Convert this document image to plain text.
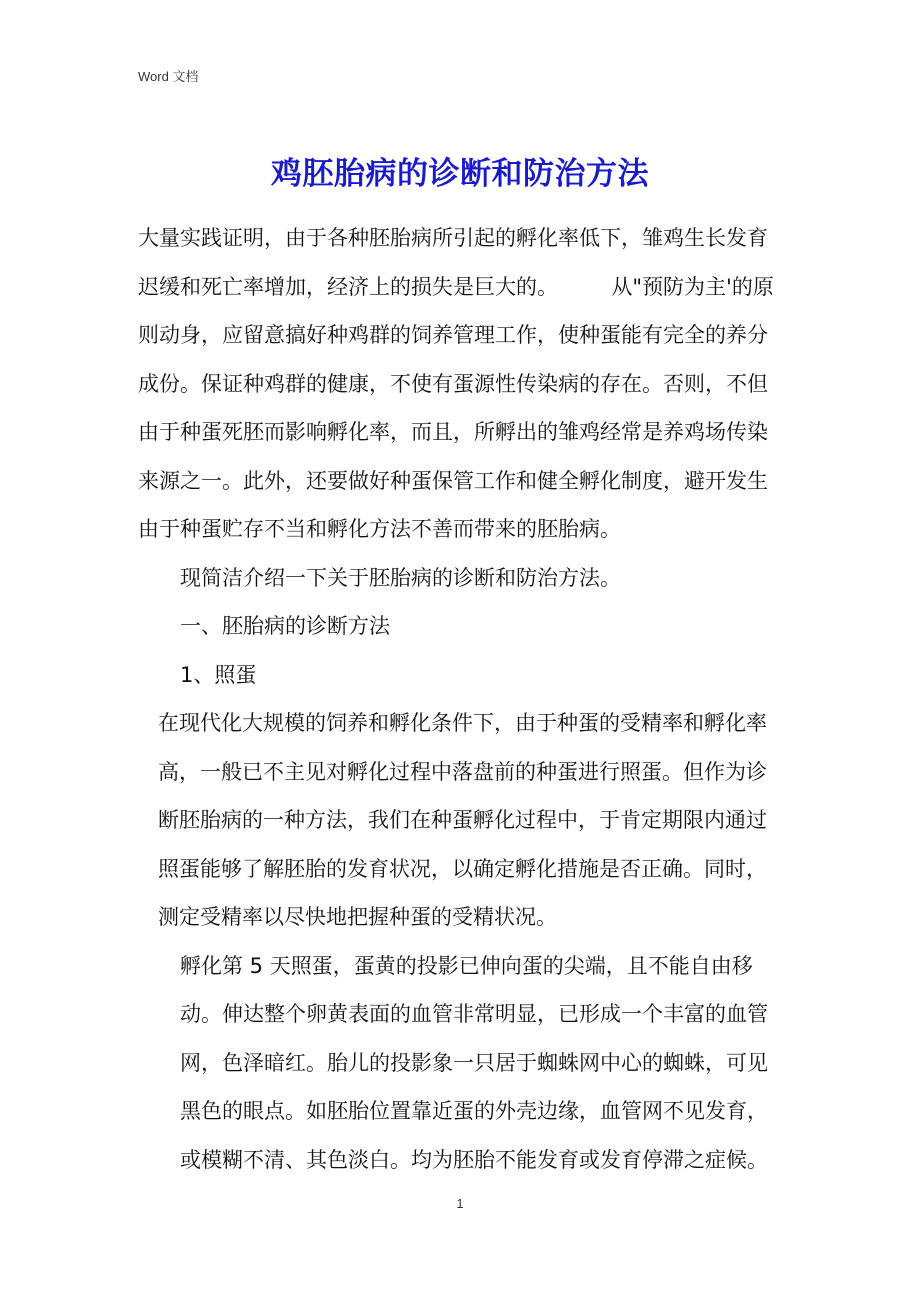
Word 文档
鸡胚胎病的诊断和防治方法

大量实践证明，由于各种胚胎病所引起的孵化率低下，雏鸡生长发育迟缓和死亡率增加，经济上的损失是巨大的。        从"预防为主'的原则动身，应留意搞好种鸡群的饲养管理工作，使种蛋能有完全的养分成份。保证种鸡群的健康，不使有蛋源性传染病的存在。否则，不但由于种蛋死胚而影响孵化率，而且，所孵出的雏鸡经常是养鸡场传染来源之一。此外，还要做好种蛋保管工作和健全孵化制度，避开发生由于种蛋贮存不当和孵化方法不善而带来的胚胎病。

现简洁介绍一下关于胚胎病的诊断和防治方法。

一、胚胎病的诊断方法

1、照蛋

在现代化大规模的饲养和孵化条件下，由于种蛋的受精率和孵化率高，一般已不主见对孵化过程中落盘前的种蛋进行照蛋。但作为诊断胚胎病的一种方法，我们在种蛋孵化过程中，于肯定期限内通过照蛋能够了解胚胎的发育状况，以确定孵化措施是否正确。同时，测定受精率以尽快地把握种蛋的受精状况。

孵化第 5 天照蛋，蛋黄的投影已伸向蛋的尖端，且不能自由移动。伸达整个卵黄表面的血管非常明显，已形成一个丰富的血管网，色泽暗红。胎儿的投影象一只居于蜘蛛网中心的蜘蛛，可见黑色的眼点。如胚胎位置靠近蛋的外壳边缘，血管网不见发育，或模糊不清、其色淡白。均为胚胎不能发育或发育停滞之症候。

1
